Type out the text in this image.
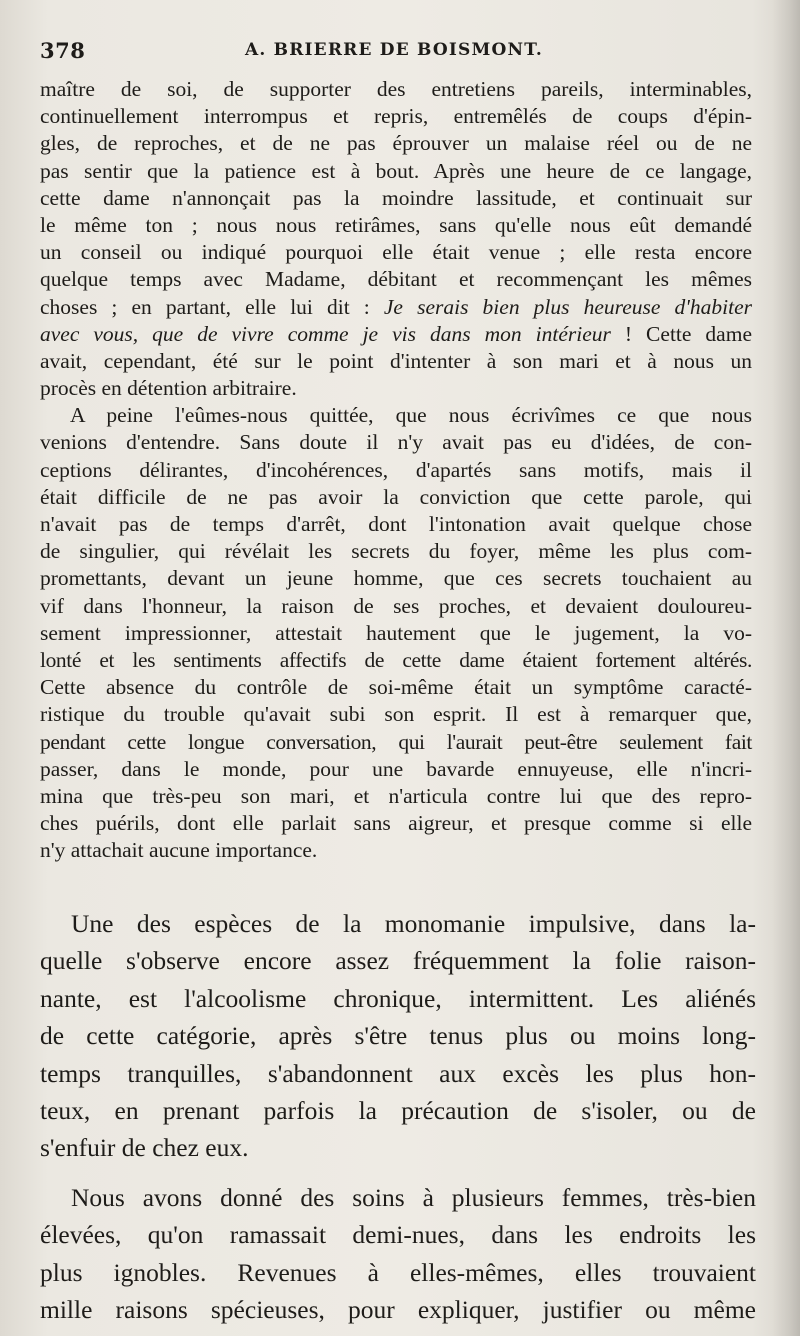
378	A. BRIERRE DE BOISMONT.
maître de soi, de supporter des entretiens pareils, interminables,
continuellement interrompus et repris, entremêlés de coups d'épin-
gles, de reproches, et de ne pas éprouver un malaise réel ou de ne
pas sentir que la patience est à bout. Après une heure de ce langage,
cette dame n'annonçait pas la moindre lassitude, et continuait sur
le même ton ; nous nous retirâmes, sans qu'elle nous eût demandé
un conseil ou indiqué pourquoi elle était venue ; elle resta encore
quelque temps avec Madame, débitant et recommençant les mêmes
choses ; en partant, elle lui dit : Je serais bien plus heureuse d'habiter
avec vous, que de vivre comme je vis dans mon intérieur ! Cette dame
avait, cependant, été sur le point d'intenter à son mari et à nous un
procès en détention arbitraire.
A peine l'eûmes-nous quittée, que nous écrivîmes ce que nous
venions d'entendre. Sans doute il n'y avait pas eu d'idées, de con-
ceptions délirantes, d'incohérences, d'apartés sans motifs, mais il
était difficile de ne pas avoir la conviction que cette parole, qui
n'avait pas de temps d'arrêt, dont l'intonation avait quelque chose
de singulier, qui révélait les secrets du foyer, même les plus com-
promettants, devant un jeune homme, que ces secrets touchaient au
vif dans l'honneur, la raison de ses proches, et devaient douloureu-
sement impressionner, attestait hautement que le jugement, la vo-
lonté et les sentiments affectifs de cette dame étaient fortement altérés.
Cette absence du contrôle de soi-même était un symptôme caracté-
ristique du trouble qu'avait subi son esprit. Il est à remarquer que,
pendant cette longue conversation, qui l'aurait peut-être seulement fait
passer, dans le monde, pour une bavarde ennuyeuse, elle n'incri-
mina que très-peu son mari, et n'articula contre lui que des repro-
ches puérils, dont elle parlait sans aigreur, et presque comme si elle
n'y attachait aucune importance.
Une des espèces de la monomanie impulsive, dans la-
quelle s'observe encore assez fréquemment la folie raison-
nante, est l'alcoolisme chronique, intermittent. Les aliénés
de cette catégorie, après s'être tenus plus ou moins long-
temps tranquilles, s'abandonnent aux excès les plus hon-
teux, en prenant parfois la précaution de s'isoler, ou de
s'enfuir de chez eux.
Nous avons donné des soins à plusieurs femmes, très-bien
élevées, qu'on ramassait demi-nues, dans les endroits les
plus ignobles. Revenues à elles-mêmes, elles trouvaient
mille raisons spécieuses, pour expliquer, justifier ou même
